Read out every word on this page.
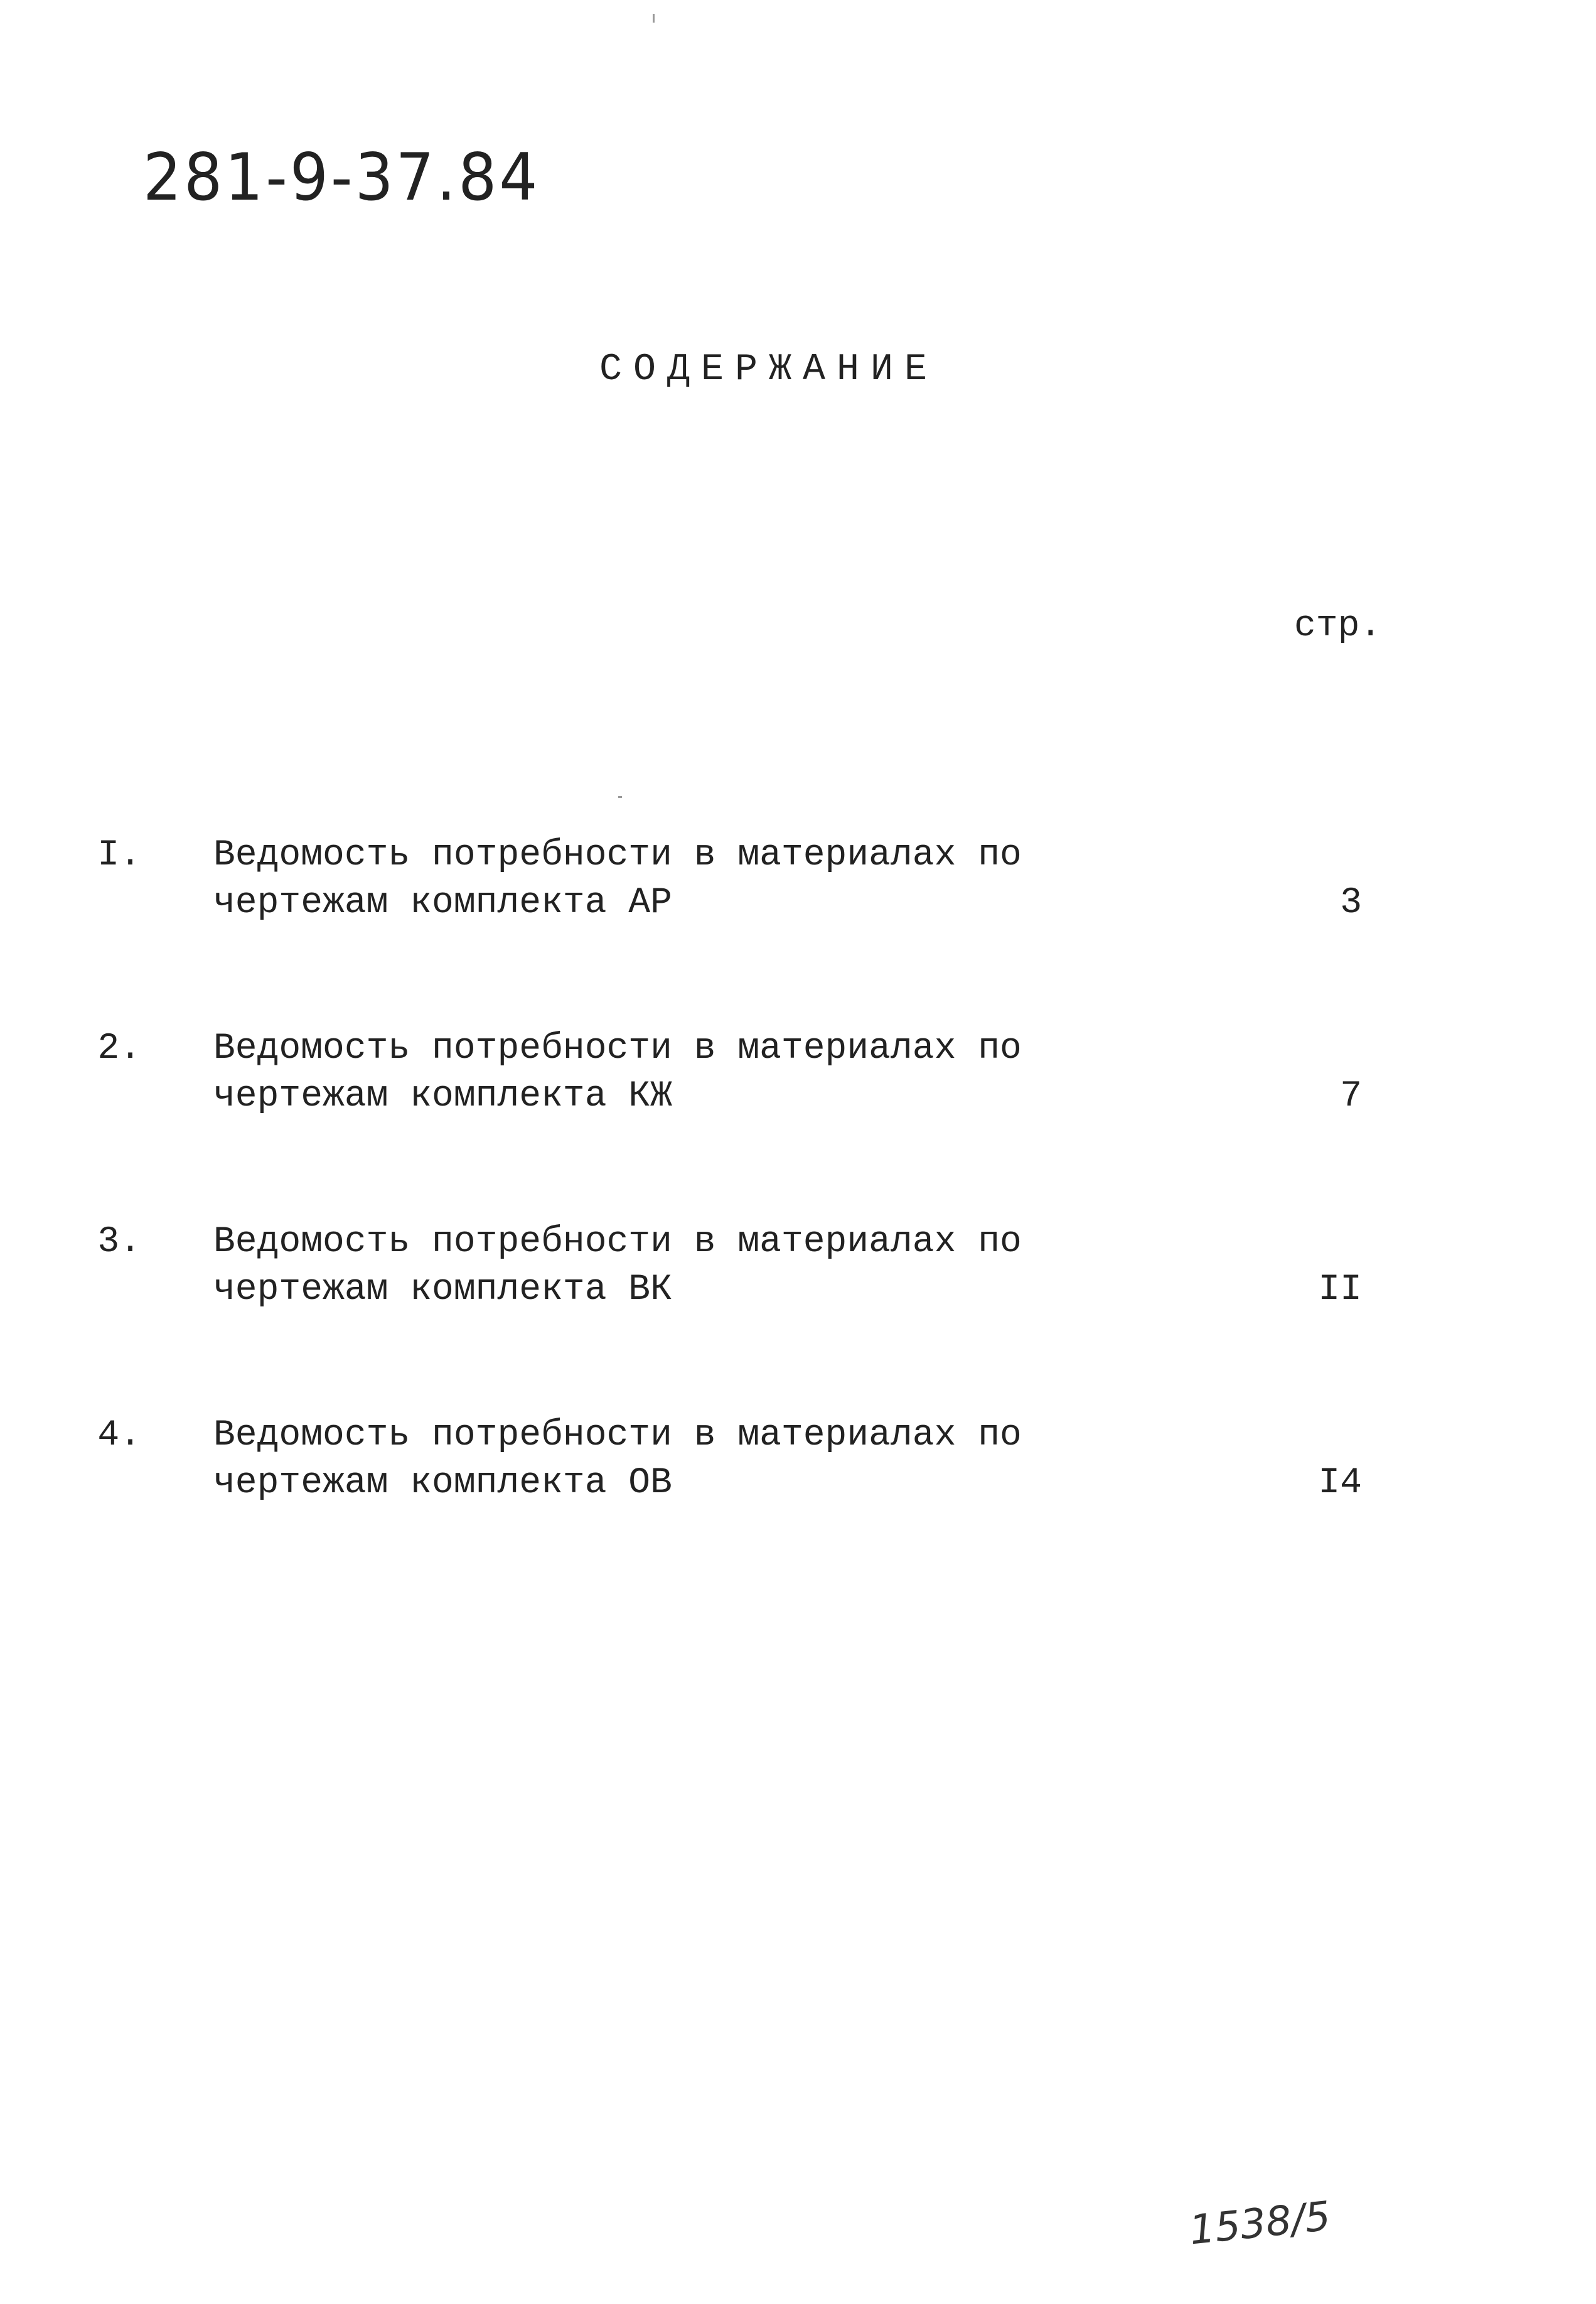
281-9-37.84
СОДЕРЖАНИЕ
стр.
I. Ведомость потребности в материалах по
чертежам комплекта АР	3
2. Ведомость потребности в материалах по
чертежам комплекта КЖ	7
3. Ведомость потребности в материалах по
чертежам комплекта ВК	II
4. Ведомость потребности в материалах по
чертежам комплекта ОВ	I4
1538/5
